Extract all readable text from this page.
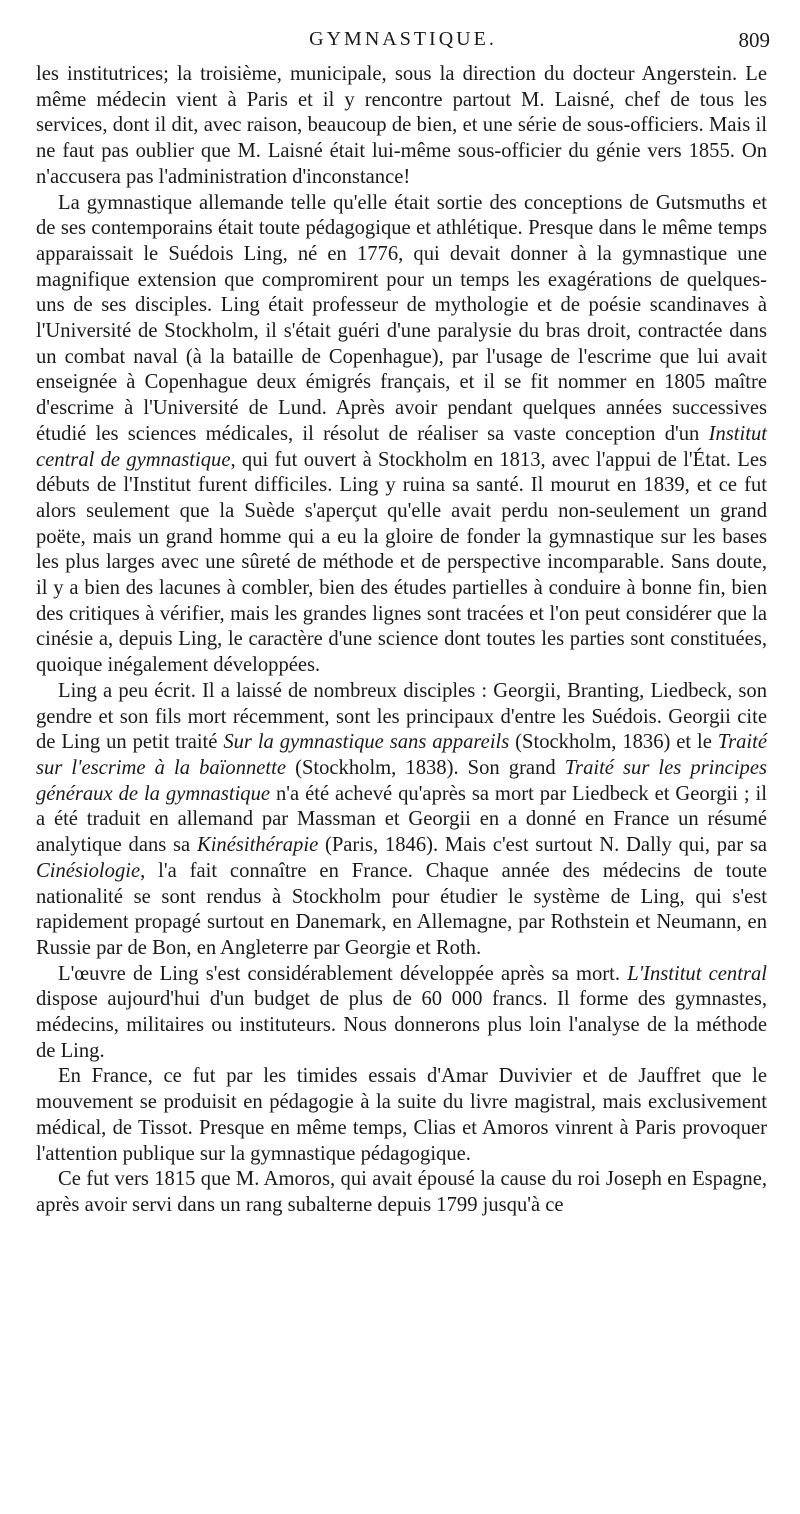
GYMNASTIQUE.	809

les institutrices; la troisième, municipale, sous la direction du docteur Angerstein. Le même médecin vient à Paris et il y rencontre partout M. Laisné, chef de tous les services, dont il dit, avec raison, beaucoup de bien, et une série de sous-officiers. Mais il ne faut pas oublier que M. Laisné était lui-même sous-officier du génie vers 1855. On n'accusera pas l'administration d'inconstance!

La gymnastique allemande telle qu'elle était sortie des conceptions de Gutsmuths et de ses contemporains était toute pédagogique et athlétique. Presque dans le même temps apparaissait le Suédois Ling, né en 1776, qui devait donner à la gymnastique une magnifique extension que compromirent pour un temps les exagérations de quelques-uns de ses disciples. Ling était professeur de mythologie et de poésie scandinaves à l'Université de Stockholm, il s'était guéri d'une paralysie du bras droit, contractée dans un combat naval (à la bataille de Copenhague), par l'usage de l'escrime que lui avait enseignée à Copenhague deux émigrés français, et il se fit nommer en 1805 maître d'escrime à l'Université de Lund. Après avoir pendant quelques années successives étudié les sciences médicales, il résolut de réaliser sa vaste conception d'un Institut central de gymnastique, qui fut ouvert à Stockholm en 1813, avec l'appui de l'État. Les débuts de l'Institut furent difficiles. Ling y ruina sa santé. Il mourut en 1839, et ce fut alors seulement que la Suède s'aperçut qu'elle avait perdu non-seulement un grand poëte, mais un grand homme qui a eu la gloire de fonder la gymnastique sur les bases les plus larges avec une sûreté de méthode et de perspective incomparable. Sans doute, il y a bien des lacunes à combler, bien des études partielles à conduire à bonne fin, bien des critiques à vérifier, mais les grandes lignes sont tracées et l'on peut considérer que la cinésie a, depuis Ling, le caractère d'une science dont toutes les parties sont constituées, quoique inégalement développées.

Ling a peu écrit. Il a laissé de nombreux disciples : Georgii, Branting, Liedbeck, son gendre et son fils mort récemment, sont les principaux d'entre les Suédois. Georgii cite de Ling un petit traité Sur la gymnastique sans appareils (Stockholm, 1836) et le Traité sur l'escrime à la baïonnette (Stockholm, 1838). Son grand Traité sur les principes généraux de la gymnastique n'a été achevé qu'après sa mort par Liedbeck et Georgii ; il a été traduit en allemand par Massman et Georgii en a donné en France un résumé analytique dans sa Kinésithérapie (Paris, 1846). Mais c'est surtout N. Dally qui, par sa Cinésiologie, l'a fait connaître en France. Chaque année des médecins de toute nationalité se sont rendus à Stockholm pour étudier le système de Ling, qui s'est rapidement propagé surtout en Danemark, en Allemagne, par Rothstein et Neumann, en Russie par de Bon, en Angleterre par Georgie et Roth.

L'œuvre de Ling s'est considérablement développée après sa mort. L'Institut central dispose aujourd'hui d'un budget de plus de 60 000 francs. Il forme des gymnastes, médecins, militaires ou instituteurs. Nous donnerons plus loin l'analyse de la méthode de Ling.

En France, ce fut par les timides essais d'Amar Duvivier et de Jauffret que le mouvement se produisit en pédagogie à la suite du livre magistral, mais exclusivement médical, de Tissot. Presque en même temps, Clias et Amoros vinrent à Paris provoquer l'attention publique sur la gymnastique pédagogique.

Ce fut vers 1815 que M. Amoros, qui avait épousé la cause du roi Joseph en Espagne, après avoir servi dans un rang subalterne depuis 1799 jusqu'à ce
